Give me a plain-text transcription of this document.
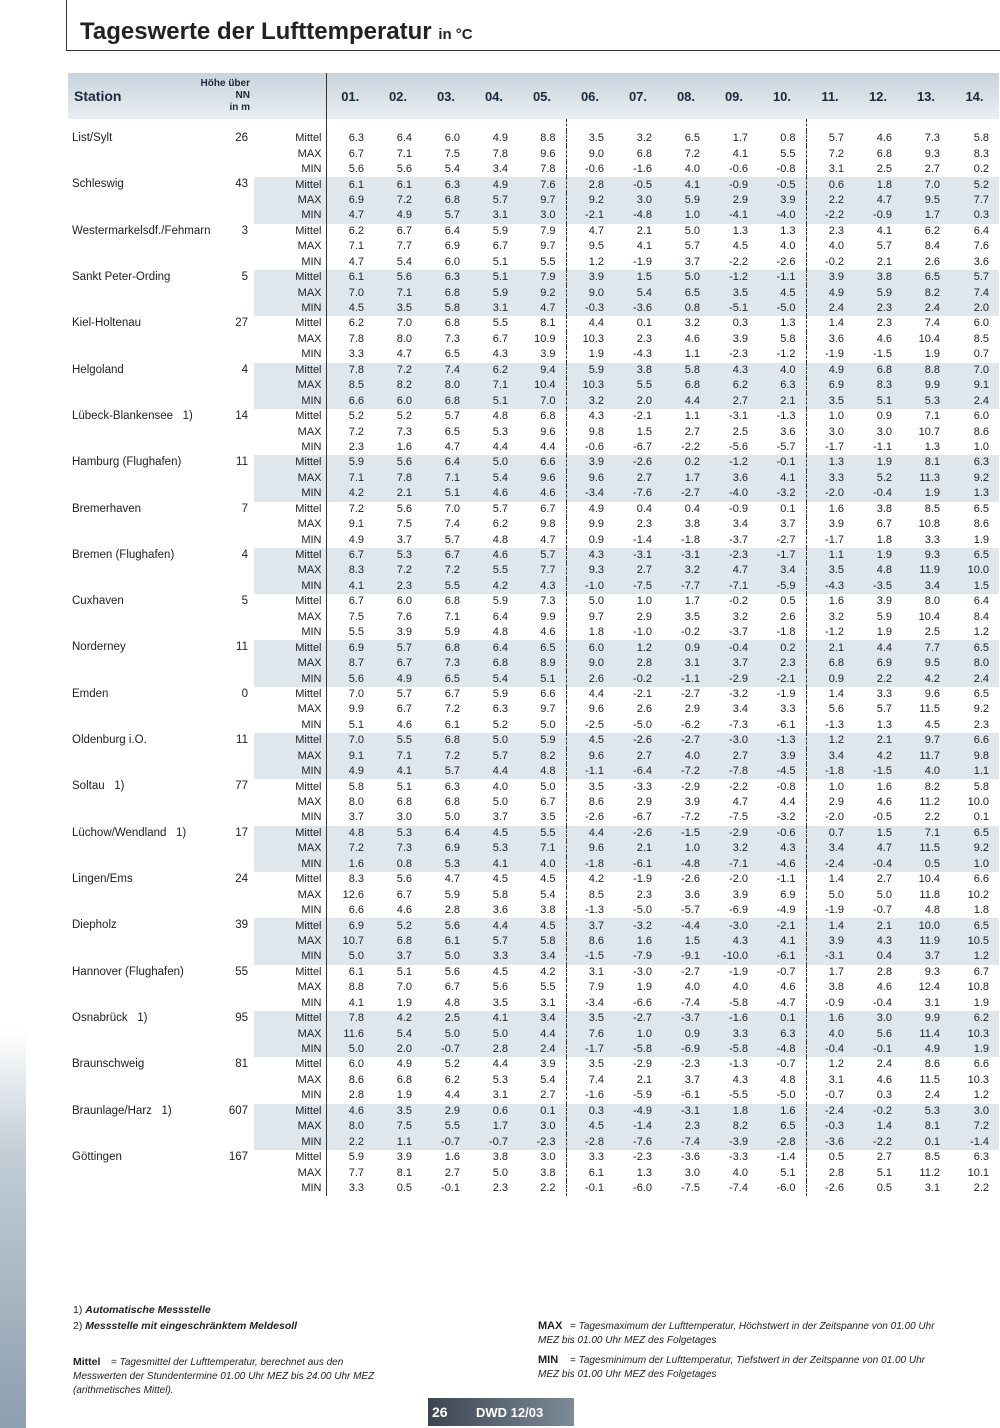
Tageswerte der Lufttemperatur in °C
Station	Höhe über NN
in m		01.	02.	03.	04.	05.	06.	07.	08.	09.	10.	11.	12.	13.	14.

List/Sylt	26	Mittel	6.3	6.4	6.0	4.9	8.8	3.5	3.2	6.5	1.7	0.8	5.7	4.6	7.3	5.8
		MAX	6.7	7.1	7.5	7.8	9.6	9.0	6.8	7.2	4.1	5.5	7.2	6.8	9.3	8.3
		MIN	5.6	5.6	5.4	3.4	7.8	-0.6	-1.6	4.0	-0.6	-0.8	3.1	2.5	2.7	0.2
Schleswig	43	Mittel	6.1	6.1	6.3	4.9	7.6	2.8	-0.5	4.1	-0.9	-0.5	0.6	1.8	7.0	5.2
		MAX	6.9	7.2	6.8	5.7	9.7	9.2	3.0	5.9	2.9	3.9	2.2	4.7	9.5	7.7
		MIN	4.7	4.9	5.7	3.1	3.0	-2.1	-4.8	1.0	-4.1	-4.0	-2.2	-0.9	1.7	0.3
Westermarkelsdf./Fehmarn	3	Mittel	6.2	6.7	6.4	5.9	7.9	4.7	2.1	5.0	1.3	1.3	2.3	4.1	6.2	6.4
		MAX	7.1	7.7	6.9	6.7	9.7	9.5	4.1	5.7	4.5	4.0	4.0	5.7	8.4	7.6
		MIN	4.7	5.4	6.0	5.1	5.5	1.2	-1.9	3.7	-2.2	-2.6	-0.2	2.1	2.6	3.6
Sankt Peter-Ording	5	Mittel	6.1	5.6	6.3	5.1	7.9	3.9	1.5	5.0	-1.2	-1.1	3.9	3.8	6.5	5.7
		MAX	7.0	7.1	6.8	5.9	9.2	9.0	5.4	6.5	3.5	4.5	4.9	5.9	8.2	7.4
		MIN	4.5	3.5	5.8	3.1	4.7	-0.3	-3.6	0.8	-5.1	-5.0	2.4	2.3	2.4	2.0
Kiel-Holtenau	27	Mittel	6.2	7.0	6.8	5.5	8.1	4.4	0.1	3.2	0.3	1.3	1.4	2.3	7.4	6.0
		MAX	7.8	8.0	7.3	6.7	10.9	10.3	2.3	4.6	3.9	5.8	3.6	4.6	10.4	8.5
		MIN	3.3	4.7	6.5	4.3	3.9	1.9	-4.3	1.1	-2.3	-1.2	-1.9	-1.5	1.9	0.7
Helgoland	4	Mittel	7.8	7.2	7.4	6.2	9.4	5.9	3.8	5.8	4.3	4.0	4.9	6.8	8.8	7.0
		MAX	8.5	8.2	8.0	7.1	10.4	10.3	5.5	6.8	6.2	6.3	6.9	8.3	9.9	9.1
		MIN	6.6	6.0	6.8	5.1	7.0	3.2	2.0	4.4	2.7	2.1	3.5	5.1	5.3	2.4
Lübeck-Blankensee 1)	14	Mittel	5.2	5.2	5.7	4.8	6.8	4.3	-2.1	1.1	-3.1	-1.3	1.0	0.9	7.1	6.0
		MAX	7.2	7.3	6.5	5.3	9.6	9.8	1.5	2.7	2.5	3.6	3.0	3.0	10.7	8.6
		MIN	2.3	1.6	4.7	4.4	4.4	-0.6	-6.7	-2.2	-5.6	-5.7	-1.7	-1.1	1.3	1.0
Hamburg (Flughafen)	11	Mittel	5.9	5.6	6.4	5.0	6.6	3.9	-2.6	0.2	-1.2	-0.1	1.3	1.9	8.1	6.3
		MAX	7.1	7.8	7.1	5.4	9.6	9.6	2.7	1.7	3.6	4.1	3.3	5.2	11.3	9.2
		MIN	4.2	2.1	5.1	4.6	4.6	-3.4	-7.6	-2.7	-4.0	-3.2	-2.0	-0.4	1.9	1.3
Bremerhaven	7	Mittel	7.2	5.6	7.0	5.7	6.7	4.9	0.4	0.4	-0.9	0.1	1.6	3.8	8.5	6.5
		MAX	9.1	7.5	7.4	6.2	9.8	9.9	2.3	3.8	3.4	3.7	3.9	6.7	10.8	8.6
		MIN	4.9	3.7	5.7	4.8	4.7	0.9	-1.4	-1.8	-3.7	-2.7	-1.7	1.8	3.3	1.9
Bremen (Flughafen)	4	Mittel	6.7	5.3	6.7	4.6	5.7	4.3	-3.1	-3.1	-2.3	-1.7	1.1	1.9	9.3	6.5
		MAX	8.3	7.2	7.2	5.5	7.7	9.3	2.7	3.2	4.7	3.4	3.5	4.8	11.9	10.0
		MIN	4.1	2.3	5.5	4.2	4.3	-1.0	-7.5	-7.7	-7.1	-5.9	-4.3	-3.5	3.4	1.5
Cuxhaven	5	Mittel	6.7	6.0	6.8	5.9	7.3	5.0	1.0	1.7	-0.2	0.5	1.6	3.9	8.0	6.4
		MAX	7.5	7.6	7.1	6.4	9.9	9.7	2.9	3.5	3.2	2.6	3.2	5.9	10.4	8.4
		MIN	5.5	3.9	5.9	4.8	4.6	1.8	-1.0	-0.2	-3.7	-1.8	-1.2	1.9	2.5	1.2
Norderney	11	Mittel	6.9	5.7	6.8	6.4	6.5	6.0	1.2	0.9	-0.4	0.2	2.1	4.4	7.7	6.5
		MAX	8.7	6.7	7.3	6.8	8.9	9.0	2.8	3.1	3.7	2.3	6.8	6.9	9.5	8.0
		MIN	5.6	4.9	6.5	5.4	5.1	2.6	-0.2	-1.1	-2.9	-2.1	0.9	2.2	4.2	2.4
Emden	0	Mittel	7.0	5.7	6.7	5.9	6.6	4.4	-2.1	-2.7	-3.2	-1.9	1.4	3.3	9.6	6.5
		MAX	9.9	6.7	7.2	6.3	9.7	9.6	2.6	2.9	3.4	3.3	5.6	5.7	11.5	9.2
		MIN	5.1	4.6	6.1	5.2	5.0	-2.5	-5.0	-6.2	-7.3	-6.1	-1.3	1.3	4.5	2.3
Oldenburg i.O.	11	Mittel	7.0	5.5	6.8	5.0	5.9	4.5	-2.6	-2.7	-3.0	-1.3	1.2	2.1	9.7	6.6
		MAX	9.1	7.1	7.2	5.7	8.2	9.6	2.7	4.0	2.7	3.9	3.4	4.2	11.7	9.8
		MIN	4.9	4.1	5.7	4.4	4.8	-1.1	-6.4	-7.2	-7.8	-4.5	-1.8	-1.5	4.0	1.1
Soltau 1)	77	Mittel	5.8	5.1	6.3	4.0	5.0	3.5	-3.3	-2.9	-2.2	-0.8	1.0	1.6	8.2	5.8
		MAX	8.0	6.8	6.8	5.0	6.7	8.6	2.9	3.9	4.7	4.4	2.9	4.6	11.2	10.0
		MIN	3.7	3.0	5.0	3.7	3.5	-2.6	-6.7	-7.2	-7.5	-3.2	-2.0	-0.5	2.2	0.1
Lüchow/Wendland 1)	17	Mittel	4.8	5.3	6.4	4.5	5.5	4.4	-2.6	-1.5	-2.9	-0.6	0.7	1.5	7.1	6.5
		MAX	7.2	7.3	6.9	5.3	7.1	9.6	2.1	1.0	3.2	4.3	3.4	4.7	11.5	9.2
		MIN	1.6	0.8	5.3	4.1	4.0	-1.8	-6.1	-4.8	-7.1	-4.6	-2.4	-0.4	0.5	1.0
Lingen/Ems	24	Mittel	8.3	5.6	4.7	4.5	4.5	4.2	-1.9	-2.6	-2.0	-1.1	1.4	2.7	10.4	6.6
		MAX	12.6	6.7	5.9	5.8	5.4	8.5	2.3	3.6	3.9	6.9	5.0	5.0	11.8	10.2
		MIN	6.6	4.6	2.8	3.6	3.8	-1.3	-5.0	-5.7	-6.9	-4.9	-1.9	-0.7	4.8	1.8
Diepholz	39	Mittel	6.9	5.2	5.6	4.4	4.5	3.7	-3.2	-4.4	-3.0	-2.1	1.4	2.1	10.0	6.5
		MAX	10.7	6.8	6.1	5.7	5.8	8.6	1.6	1.5	4.3	4.1	3.9	4.3	11.9	10.5
		MIN	5.0	3.7	5.0	3.3	3.4	-1.5	-7.9	-9.1	-10.0	-6.1	-3.1	0.4	3.7	1.2
Hannover (Flughafen)	55	Mittel	6.1	5.1	5.6	4.5	4.2	3.1	-3.0	-2.7	-1.9	-0.7	1.7	2.8	9.3	6.7
		MAX	8.8	7.0	6.7	5.6	5.5	7.9	1.9	4.0	4.0	4.6	3.8	4.6	12.4	10.8
		MIN	4.1	1.9	4.8	3.5	3.1	-3.4	-6.6	-7.4	-5.8	-4.7	-0.9	-0.4	3.1	1.9
Osnabrück 1)	95	Mittel	7.8	4.2	2.5	4.1	3.4	3.5	-2.7	-3.7	-1.6	0.1	1.6	3.0	9.9	6.2
		MAX	11.6	5.4	5.0	5.0	4.4	7.6	1.0	0.9	3.3	6.3	4.0	5.6	11.4	10.3
		MIN	5.0	2.0	-0.7	2.8	2.4	-1.7	-5.8	-6.9	-5.8	-4.8	-0.4	-0.1	4.9	1.9
Braunschweig	81	Mittel	6.0	4.9	5.2	4.4	3.9	3.5	-2.9	-2.3	-1.3	-0.7	1.2	2.4	8.6	6.6
		MAX	8.6	6.8	6.2	5.3	5.4	7.4	2.1	3.7	4.3	4.8	3.1	4.6	11.5	10.3
		MIN	2.8	1.9	4.4	3.1	2.7	-1.6	-5.9	-6.1	-5.5	-5.0	-0.7	0.3	2.4	1.2
Braunlage/Harz 1)	607	Mittel	4.6	3.5	2.9	0.6	0.1	0.3	-4.9	-3.1	1.8	1.6	-2.4	-0.2	5.3	3.0
		MAX	8.0	7.5	5.5	1.7	3.0	4.5	-1.4	2.3	8.2	6.5	-0.3	1.4	8.1	7.2
		MIN	2.2	1.1	-0.7	-0.7	-2.3	-2.8	-7.6	-7.4	-3.9	-2.8	-3.6	-2.2	0.1	-1.4
Göttingen	167	Mittel	5.9	3.9	1.6	3.8	3.0	3.3	-2.3	-3.6	-3.3	-1.4	0.5	2.7	8.5	6.3
		MAX	7.7	8.1	2.7	5.0	3.8	6.1	1.3	3.0	4.0	5.1	2.8	5.1	11.2	10.1
		MIN	3.3	0.5	-0.1	2.3	2.2	-0.1	-6.0	-7.5	-7.4	-6.0	-2.6	0.5	3.1	2.2
1) Automatische Messstelle
2) Messstelle mit eingeschränktem Meldesoll
Mittel = Tagesmittel der Lufttemperatur, berechnet aus den Messwerten der Stundentermine 01.00 Uhr MEZ bis 24.00 Uhr MEZ (arithmetisches Mittel).
MAX = Tagesmaximum der Lufttemperatur, Höchstwert in der Zeitspanne von 01.00 Uhr MEZ bis 01.00 Uhr MEZ des Folgetages
MIN = Tagesminimum der Lufttemperatur, Tiefstwert in der Zeitspanne von 01.00 Uhr MEZ bis 01.00 Uhr MEZ des Folgetages
26 DWD 12/03
